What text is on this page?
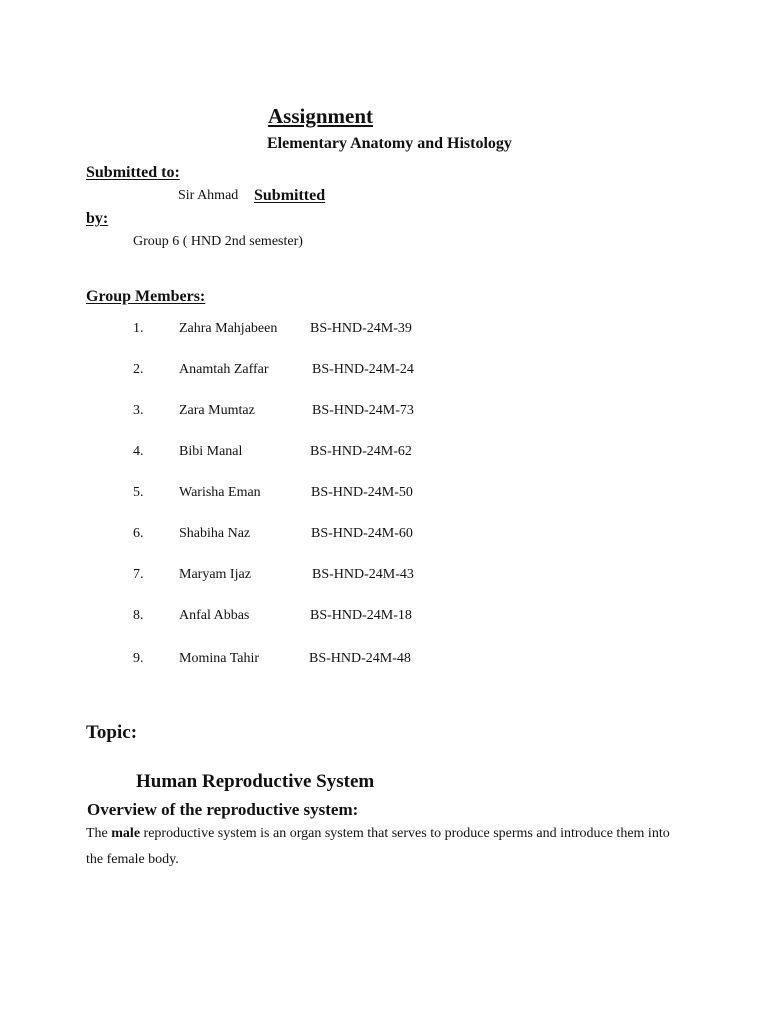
Assignment
Elementary Anatomy and Histology
Submitted to:
Sir Ahmad Submitted
by:
Group 6 ( HND 2nd semester)
Group Members:
1.	Zahra Mahjabeen BS-HND-24M-39
2.	Anamtah Zaffar	BS-HND-24M-24
3.	Zara Mumtaz	BS-HND-24M-73
4.	Bibi Manal	BS-HND-24M-62
5.	Warisha Eman	BS-HND-24M-50
6.	Shabiha Naz	BS-HND-24M-60
7.	Maryam Ijaz	BS-HND-24M-43
8.	Anfal Abbas	BS-HND-24M-18
9.	Momina Tahir	BS-HND-24M-48
Topic:
Human Reproductive System
Overview of the reproductive system:
The male reproductive system is an organ system that serves to produce sperms and introduce them into the female body.
